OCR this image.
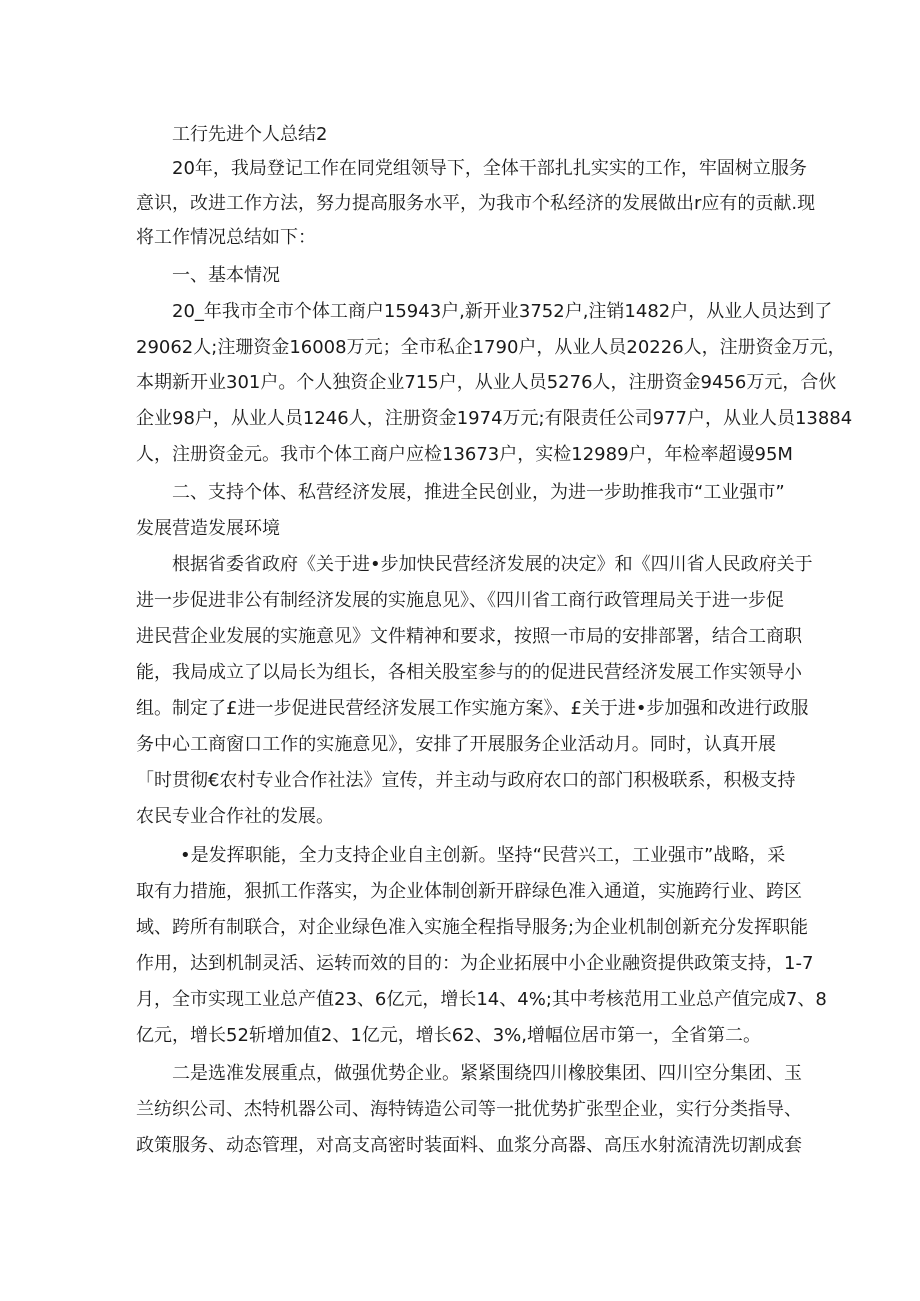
工行先进个人总结2
20年，我局登记工作在同党组领导下，全体干部扎扎实实的工作，牢固树立服务
意识，改进工作方法，努力提高服务水平，为我市个私经济的发展做出r应有的贡献.现
将工作情况总结如下：
一、基本情况
20_年我市全市个体工商户15943户,新开业3752户,注销1482户，从业人员达到了
29062人;注珊资金16008万元；全市私企1790户，从业人员20226人，注册资金万元，
本期新开业301户。个人独资企业715户，从业人员5276人，注册资金9456万元，合伙
企业98户，从业人员1246人，注册资金1974万元;有限责任公司977户，从业人员13884
人，注册资金元。我市个体工商户应检13673户，实检12989户，年检率超谩95M
二、支持个体、私营经济发展，推进全民创业，为进一步助推我市“工业强市”
发展营造发展环境
根据省委省政府《关于进•步加快民营经济发展的决定》和《四川省人民政府关于
进一步促进非公有制经济发展的实施息见》、《四川省工商行政管理局关于进一步促
进民营企业发展的实施意见》文件精神和要求，按照一市局的安排部署，结合工商职
能，我局成立了以局长为组长，各相关股室参与的的促进民营经济发展工作实领导小
组。制定了£进一步促进民营经济发展工作实施方案》、£关于进•步加强和改进行政服
务中心工商窗口工作的实施意见》，安排了开展服务企业活动月。同时，认真开展
「时贯彻€农村专业合作社法》宣传，并主动与政府农口的部门积极联系，积极支持
农民专业合作社的发展。
•是发挥职能，全力支持企业自主创新。坚持“民营兴工，工业强市”战略，采
取有力措施，狠抓工作落实，为企业体制创新开辟绿色准入通道，实施跨行业、跨区
域、跨所有制联合，对企业绿色准入实施全程指导服务;为企业机制创新充分发挥职能
作用，达到机制灵活、运转而效的目的：为企业拓展中小企业融资提供政策支持，1-7
月，全市实现工业总产值23、6亿元，增长14、4%;其中考核范用工业总产值完成7、8
亿元，增长52斩增加值2、1亿元，增长62、3%,增幅位居市第一，全省第二。
二是选准发展重点，做强优势企业。紧紧围绕四川橡胶集团、四川空分集团、玉
兰纺织公司、杰特机器公司、海特铸造公司等一批优势扩张型企业，实行分类指导、
政策服务、动态管理，对高支高密时装面料、血浆分高器、高压水射流清洗切割成套
